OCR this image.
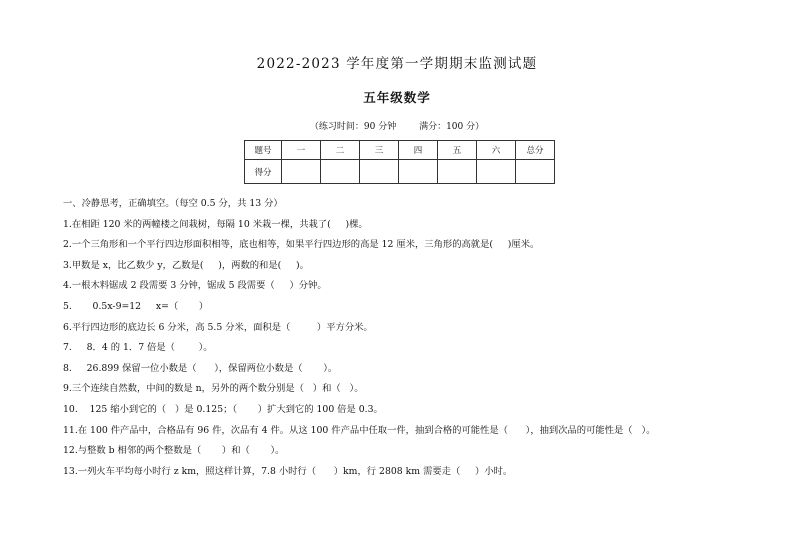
2022-2023 学年度第一学期期末监测试题
五年级数学
（练习时间：90 分钟        满分：100 分）
题号	一	二	三	四	五	六	总分
得分							
一、冷静思考，正确填空。（每空 0.5 分，共 13 分）
1.在相距 120 米的两幢楼之间栽树，每隔 10 米栽一棵，共栽了(     )棵。
2.一个三角形和一个平行四边形面积相等，底也相等，如果平行四边形的高是 12 厘米，三角形的高就是(     )厘米。
3.甲数是 x，比乙数少 y，乙数是(     )，两数的和是(     )。
4.一根木料锯成 2 段需要 3 分钟，锯成 5 段需要（     ）分钟。
5.       0.5x-9=12     x=（       ）
6.平行四边形的底边长 6 分米，高 5.5 分米，面积是（         ）平方分米。
7.     8．4 的 1．7 倍是（        ）。
8.     26.899 保留一位小数是（      ），保留两位小数是（       ）。
9.三个连续自然数，中间的数是 n，另外的两个数分别是（   ）和（   ）。
10.    125 缩小到它的（   ）是 0.125；（       ）扩大到它的 100 倍是 0.3。
11.在 100 件产品中，合格品有 96 件，次品有 4 件。从这 100 件产品中任取一件，抽到合格的可能性是（      ），抽到次品的可能性是（   ）。
12.与整数 b 相邻的两个整数是（       ）和（       ）。
13.一列火车平均每小时行 z km，照这样计算，7.8 小时行（      ）km，行 2808 km 需要走（     ）小时。
